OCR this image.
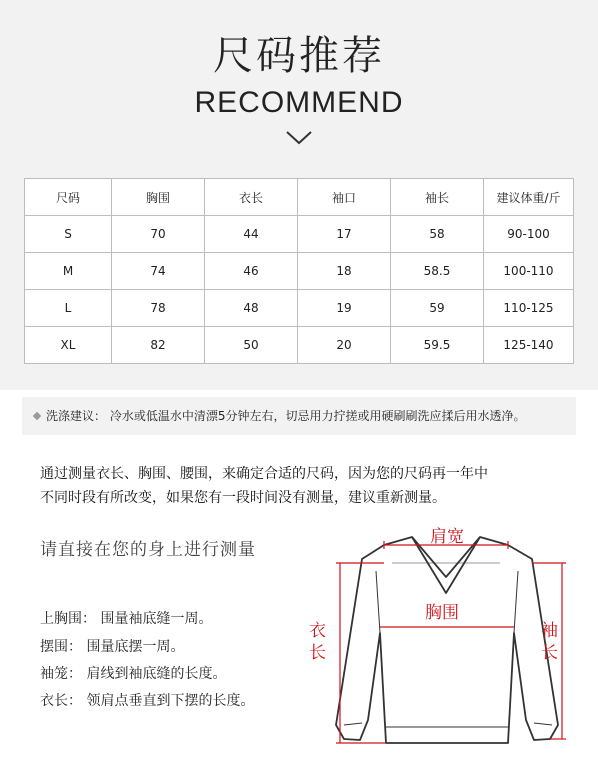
尺码推荐
RECOMMEND
尺码	胸围	衣长	袖口	袖长	建议体重/斤
S	70	44	17	58	90-100
M	74	46	18	58.5	100-110
L	78	48	19	59	110-125
XL	82	50	20	59.5	125-140
洗涤建议： 冷水或低温水中清漂5分钟左右，切忌用力拧搓或用硬刷刷洗应揉后用水透净。
通过测量衣长、胸围、腰围，来确定合适的尺码，因为您的尺码再一年中
不同时段有所改变，如果您有一段时间没有测量，建议重新测量。
请直接在您的身上进行测量
上胸围： 围量袖底缝一周。
摆围： 围量底摆一周。
袖笼： 肩线到袖底缝的长度。
衣长： 领肩点垂直到下摆的长度。
肩宽
胸围
衣长
袖长
